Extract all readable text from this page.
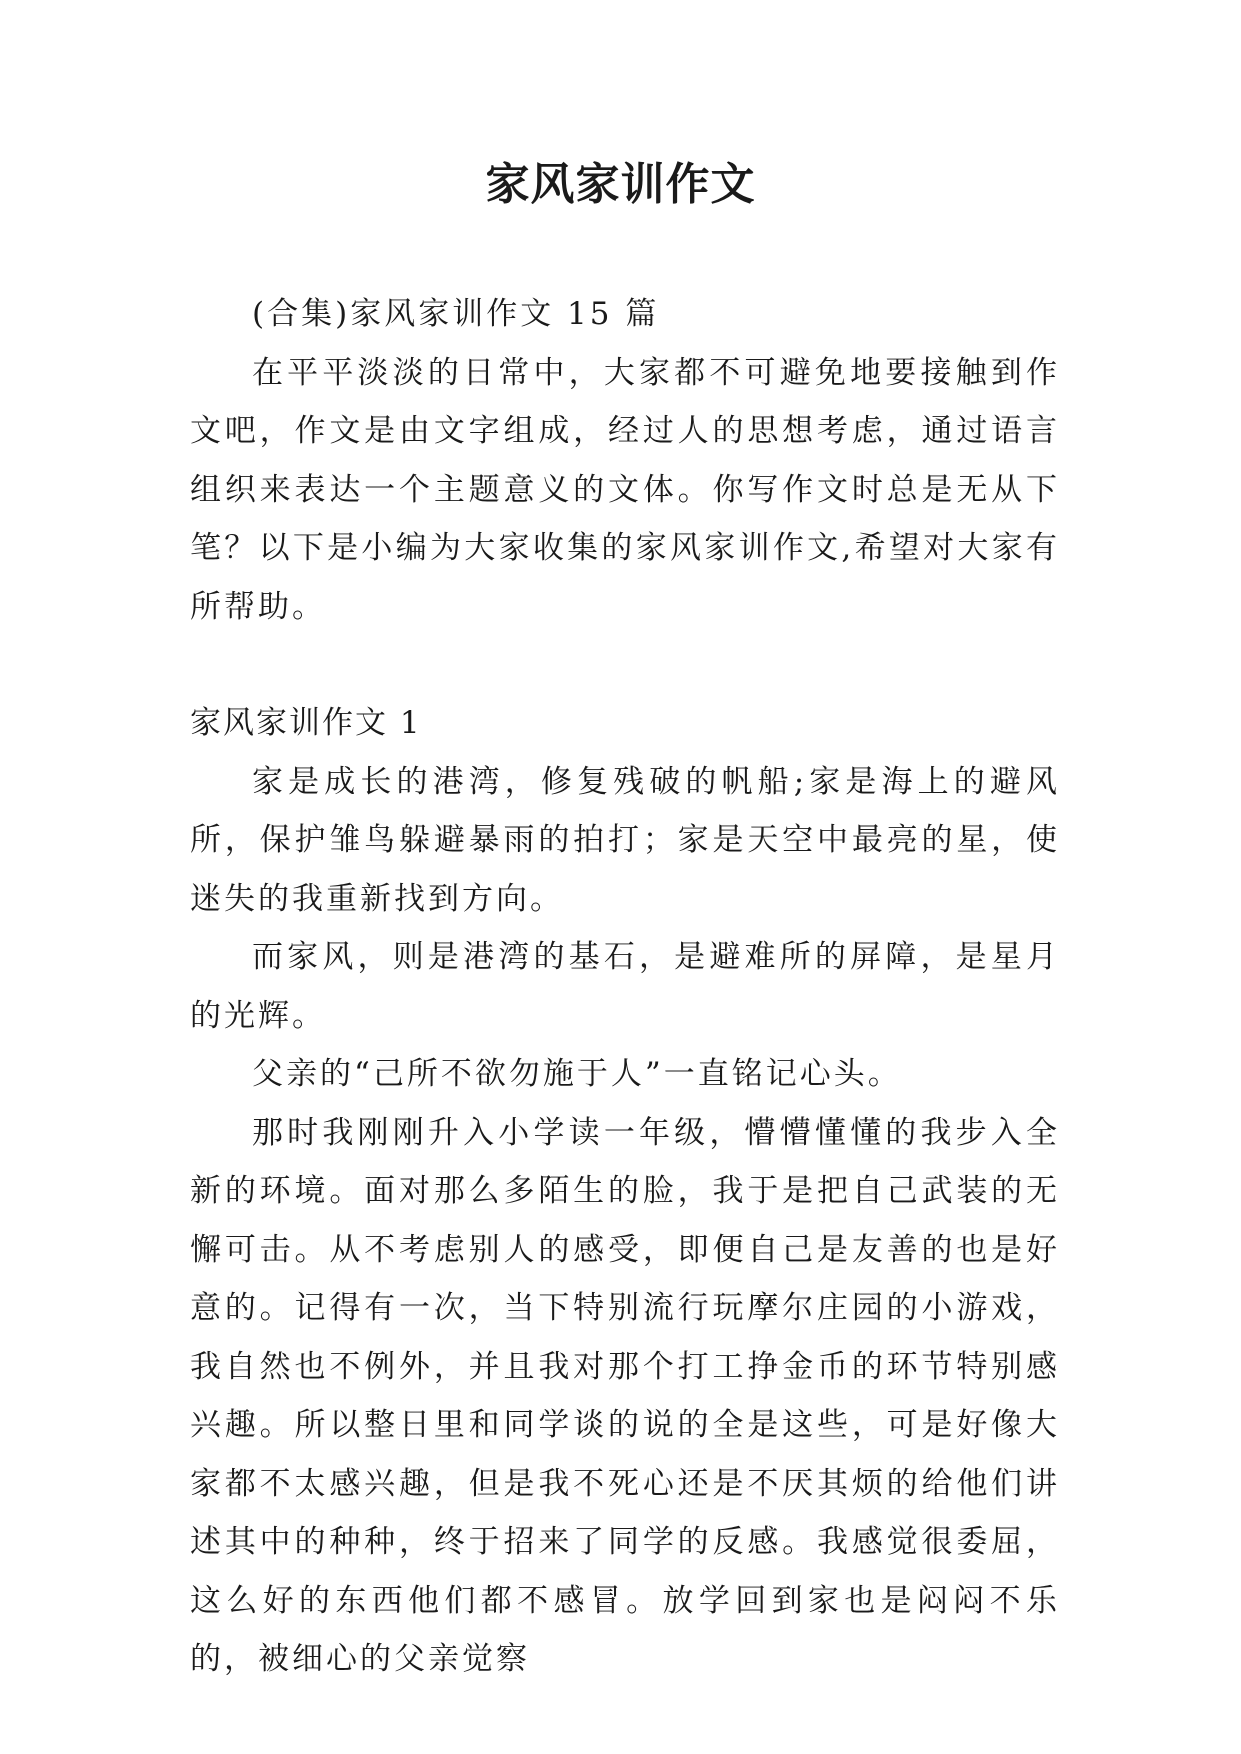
家风家训作文

(合集)家风家训作文 15 篇

在平平淡淡的日常中，大家都不可避免地要接触到作文吧，作文是由文字组成，经过人的思想考虑，通过语言组织来表达一个主题意义的文体。你写作文时总是无从下笔？以下是小编为大家收集的家风家训作文,希望对大家有所帮助。

家风家训作文 1

家是成长的港湾，修复残破的帆船;家是海上的避风所，保护雏鸟躲避暴雨的拍打；家是天空中最亮的星，使迷失的我重新找到方向。

而家风，则是港湾的基石，是避难所的屏障，是星月的光辉。

父亲的“己所不欲勿施于人”一直铭记心头。

那时我刚刚升入小学读一年级，懵懵懂懂的我步入全新的环境。面对那么多陌生的脸，我于是把自己武装的无懈可击。从不考虑别人的感受，即便自己是友善的也是好意的。记得有一次，当下特别流行玩摩尔庄园的小游戏，我自然也不例外，并且我对那个打工挣金币的环节特别感兴趣。所以整日里和同学谈的说的全是这些，可是好像大家都不太感兴趣，但是我不死心还是不厌其烦的给他们讲述其中的种种，终于招来了同学的反感。我感觉很委屈，这么好的东西他们都不感冒。放学回到家也是闷闷不乐的，被细心的父亲觉察
